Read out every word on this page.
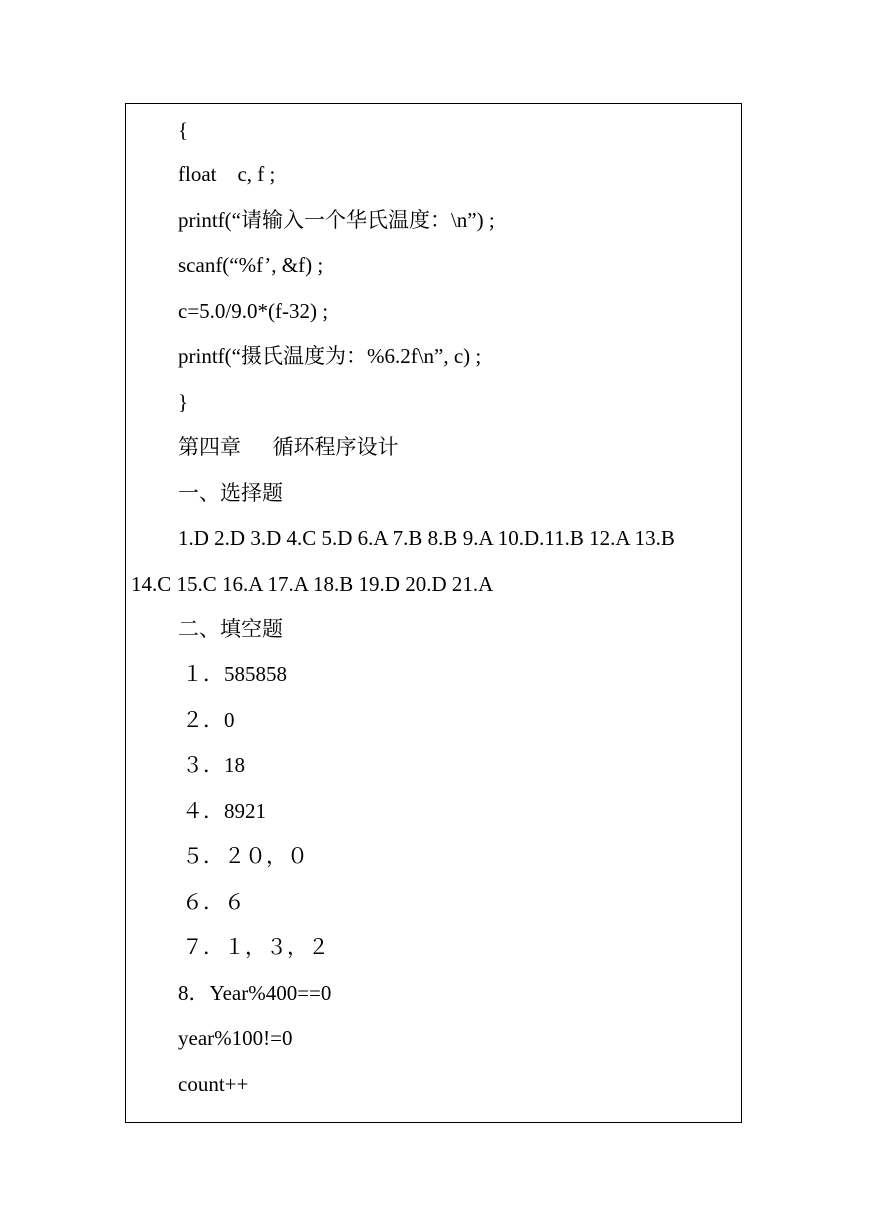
{
float    c, f ;
printf(“请输入一个华氏温度：\n”) ;
scanf(“%f’, &f) ;
c=5.0/9.0*(f-32) ;
printf(“摄氏温度为：%6.2f\n”, c) ;
}
第四章      循环程序设计
一、选择题
1.D 2.D 3.D 4.C 5.D 6.A 7.B 8.B 9.A 10.D.11.B 12.A 13.B
14.C 15.C 16.A 17.A 18.B 19.D 20.D 21.A
二、填空题
１．585858
２．0
３．18
４．8921
５．２０，０
６．６
７．１，３，２
8．Year%400==0
year%100!=0
count++
